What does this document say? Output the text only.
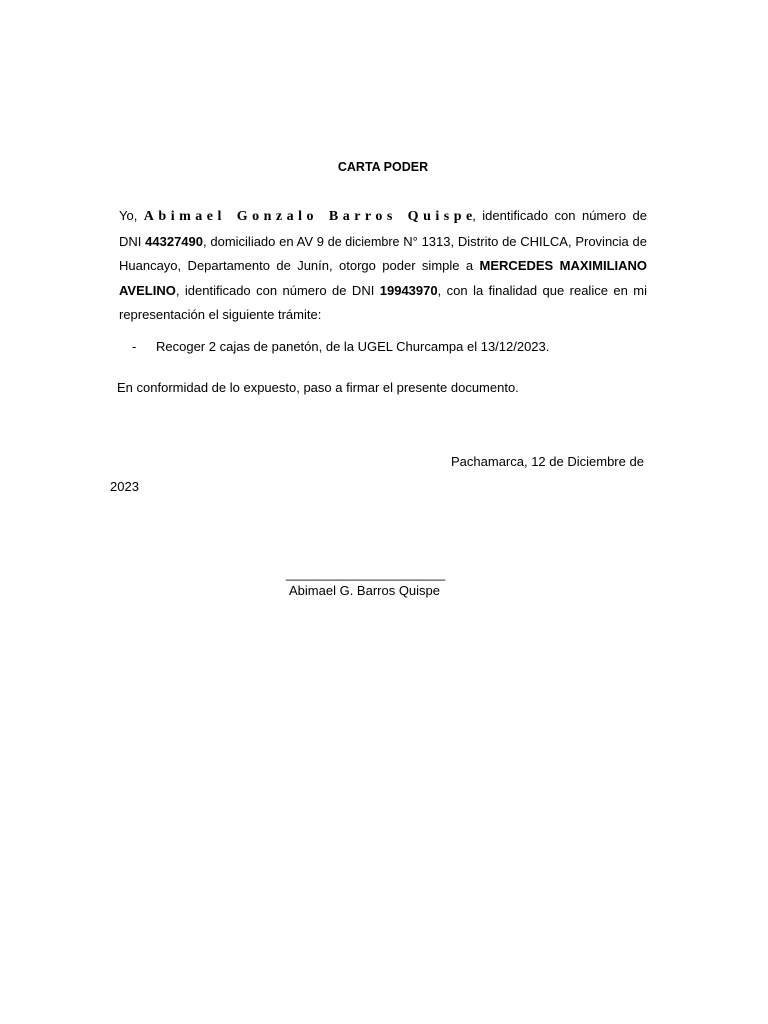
CARTA PODER
Yo, Abimael Gonzalo Barros Quispe, identificado con número de DNI 44327490, domiciliado en AV 9 de diciembre N° 1313, Distrito de CHILCA, Provincia de Huancayo, Departamento de Junín, otorgo poder simple a MERCEDES MAXIMILIANO AVELINO, identificado con número de DNI 19943970, con la finalidad que realice en mi representación el siguiente trámite:
- Recoger 2 cajas de panetón, de la UGEL Churcampa el 13/12/2023.
En conformidad de lo expuesto, paso a firmar el presente documento.
Pachamarca, 12 de Diciembre de
2023
______________________
Abimael G. Barros Quispe
